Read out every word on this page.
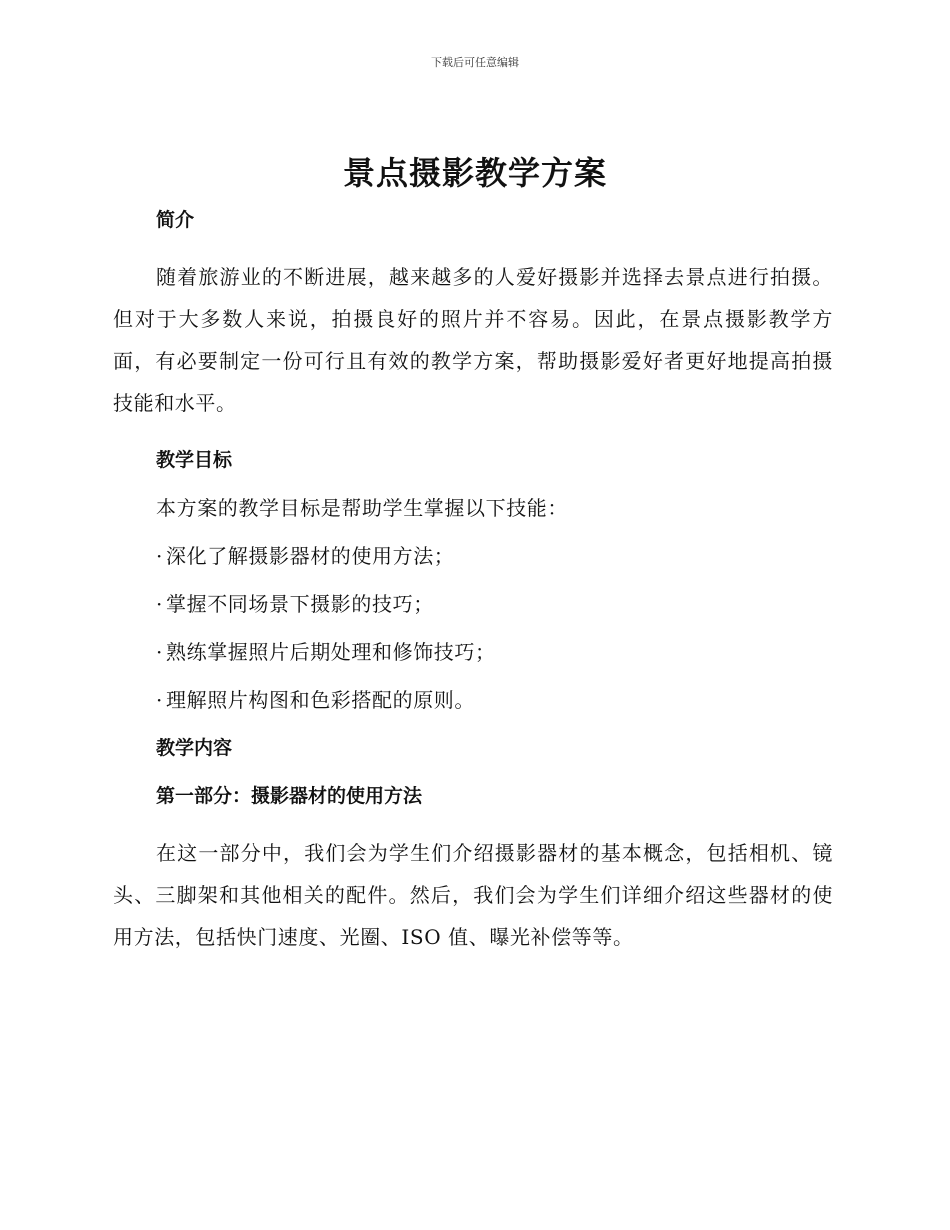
下载后可任意编辑
景点摄影教学方案
简介

随着旅游业的不断进展，越来越多的人爱好摄影并选择去景点进行拍摄。但对于大多数人来说，拍摄良好的照片并不容易。因此，在景点摄影教学方面，有必要制定一份可行且有效的教学方案，帮助摄影爱好者更好地提高拍摄技能和水平。

教学目标

本方案的教学目标是帮助学生掌握以下技能：

· 深化了解摄影器材的使用方法；

· 掌握不同场景下摄影的技巧；

· 熟练掌握照片后期处理和修饰技巧；

· 理解照片构图和色彩搭配的原则。

教学内容
第一部分：摄影器材的使用方法

在这一部分中，我们会为学生们介绍摄影器材的基本概念，包括相机、镜头、三脚架和其他相关的配件。然后，我们会为学生们详细介绍这些器材的使用方法，包括快门速度、光圈、ISO 值、曝光补偿等等。
